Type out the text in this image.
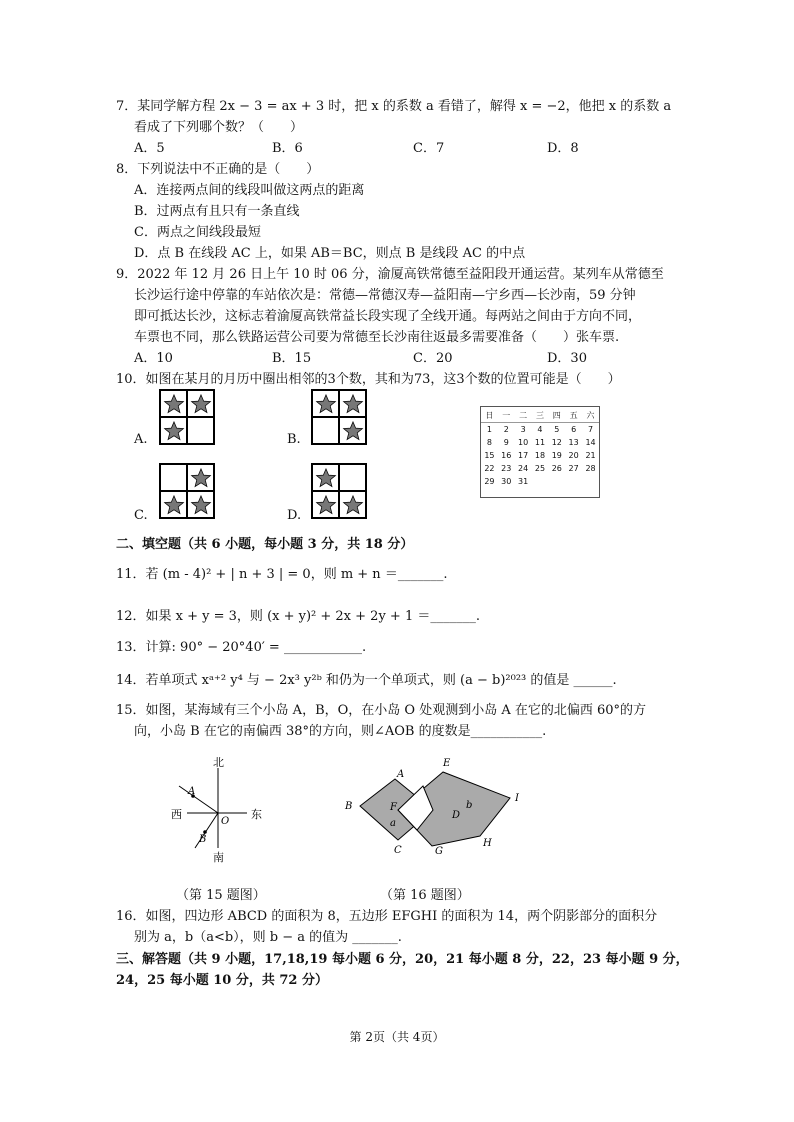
7．某同学解方程 2x − 3 = ax + 3 时，把 x 的系数 a 看错了，解得 x = −2，他把 x 的系数 a
看成了下列哪个数？（　　）
A．5	B．6	C．7	D．8
8．下列说法中不正确的是（　　）
A．连接两点间的线段叫做这两点的距离
B．过两点有且只有一条直线
C．两点之间线段最短
D．点 B 在线段 AC 上，如果 AB＝BC，则点 B 是线段 AC 的中点
9．2022 年 12 月 26 日上午 10 时 06 分，渝厦高铁常德至益阳段开通运营。某列车从常德至
长沙运行途中停靠的车站依次是：常德—常德汉寿—益阳南—宁乡西—长沙南，59 分钟
即可抵达长沙，这标志着渝厦高铁常益长段实现了全线开通。每两站之间由于方向不同，
车票也不同，那么铁路运营公司要为常德至长沙南往返最多需要准备（　　）张车票.
A．10	B．15	C．20	D．30
10．如图在某月的月历中圈出相邻的3个数，其和为73，这3个数的位置可能是（　　）
A.	B.
C.	D.
日	一	二	三	四	五	六
1	2	3	4	5	6	7
8	9	10	11	12	13	14
15	16	17	18	19	20	21
22	23	24	25	26	27	28
29	30	31				
二、填空题（共 6 小题，每小题 3 分，共 18 分）
11．若 (m - 4)² + | n + 3 | = 0，则 m + n ＝_______.
12．如果 x + y = 3，则 (x + y)² + 2x + 2y + 1 ＝_______.
13．计算: 90° − 20°40′ = ____________.
14．若单项式 xᵃ⁺² y⁴ 与 − 2x³ y²ᵇ 和仍为一个单项式，则 (a − b)²⁰²³ 的值是 ______.
15．如图，某海域有三个小岛 A，B，O，在小岛 O 处观测到小岛 A 在它的北偏西 60°的方
向，小岛 B 在它的南偏西 38°的方向，则∠AOB 的度数是___________.
北
南
西	东
A
B
O
（第 15 题图）
A
B
C
D
E
F
G
H
I
a
b
（第 16 题图）
16．如图，四边形 ABCD 的面积为 8，五边形 EFGHI 的面积为 14，两个阴影部分的面积分
别为 a，b（a<b），则 b − a 的值为 _______.
三、解答题（共 9 小题，17,18,19 每小题 6 分，20，21 每小题 8 分，22，23 每小题 9 分，
24，25 每小题 10 分，共 72 分）
第 2页（共 4页）
